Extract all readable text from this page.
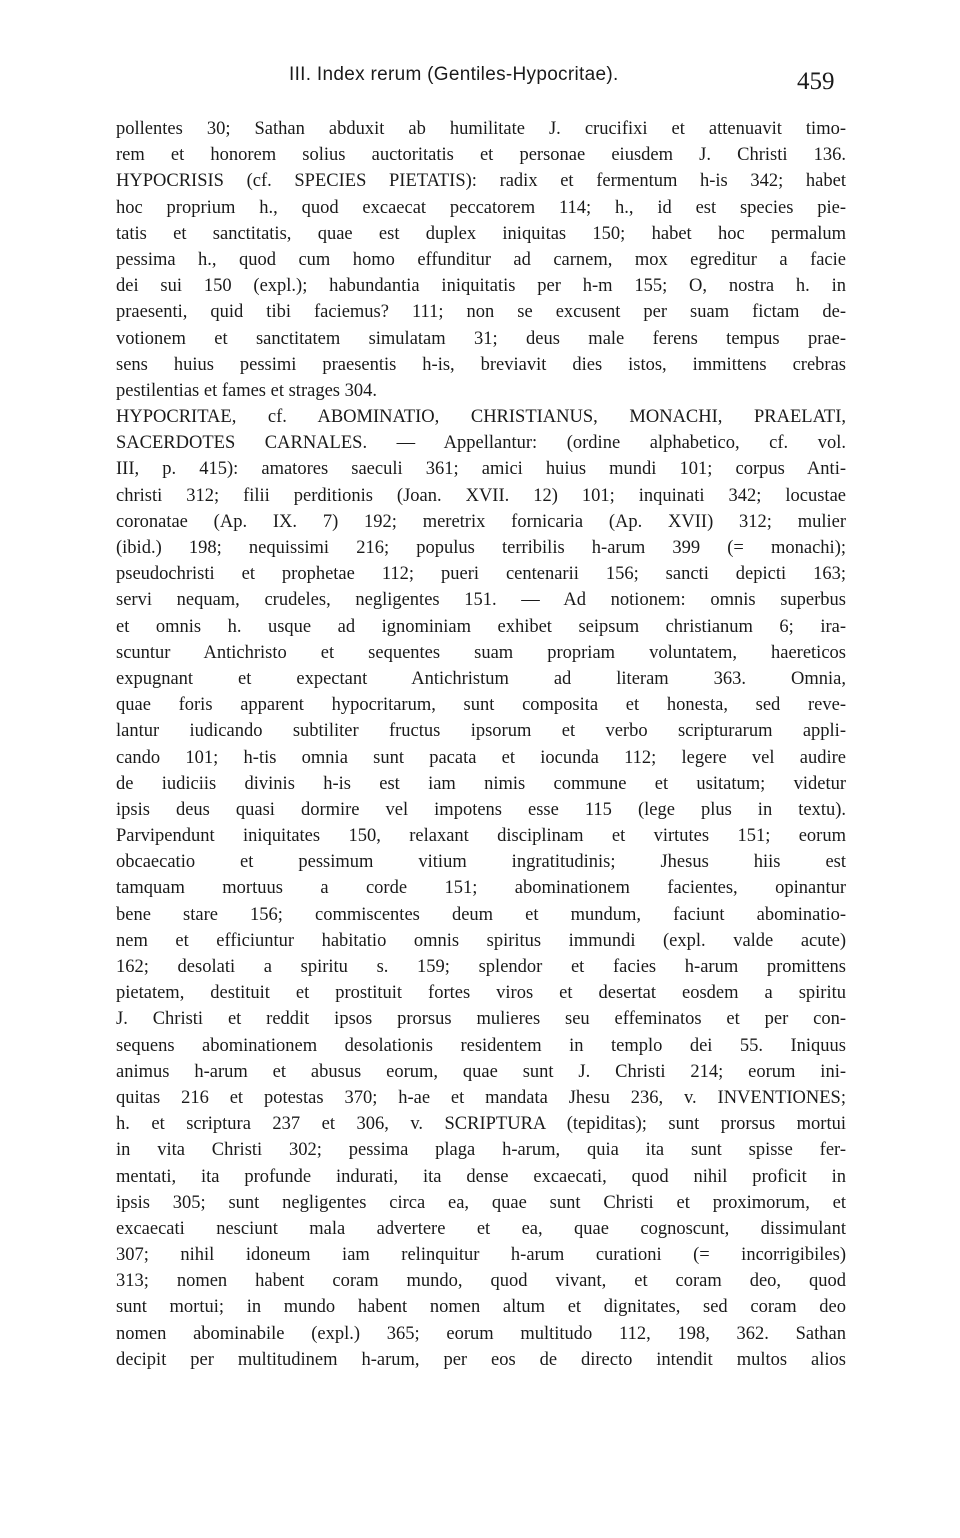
III. Index rerum (Gentiles-Hypocritae).	459
pollentes 30; Sathan abduxit ab humilitate J. crucifixi et attenuavit timo-
rem et honorem solius auctoritatis et personae eiusdem J. Christi 136.
HYPOCRISIS (cf. SPECIES PIETATIS): radix et fermentum h-is 342; habet
hoc proprium h., quod excaecat peccatorem 114; h., id est species pie-
tatis et sanctitatis, quae est duplex iniquitas 150; habet hoc permalum
pessima h., quod cum homo effunditur ad carnem, mox egreditur a facie
dei sui 150 (expl.); habundantia iniquitatis per h-m 155; O, nostra h. in
praesenti, quid tibi faciemus? 111; non se excusent per suam fictam de-
votionem et sanctitatem simulatam 31; deus male ferens tempus prae-
sens huius pessimi praesentis h-is, breviavit dies istos, immittens crebras
pestilentias et fames et strages 304.
HYPOCRITAE, cf. ABOMINATIO, CHRISTIANUS, MONACHI, PRAELATI,
SACERDOTES CARNALES. — Appellantur: (ordine alphabetico, cf. vol.
III, p. 415): amatores saeculi 361; amici huius mundi 101; corpus Anti-
christi 312; filii perditionis (Joan. XVII. 12) 101; inquinati 342; locustae
coronatae (Ap. IX. 7) 192; meretrix fornicaria (Ap. XVII) 312; mulier
(ibid.) 198; nequissimi 216; populus terribilis h-arum 399 (= monachi);
pseudochristi et prophetae 112; pueri centenarii 156; sancti depicti 163;
servi nequam, crudeles, negligentes 151. — Ad notionem: omnis superbus
et omnis h. usque ad ignominiam exhibet seipsum christianum 6; ira-
scuntur Antichristo et sequentes suam propriam voluntatem, haereticos
expugnant et expectant Antichristum ad literam 363. Omnia,
quae foris apparent hypocritarum, sunt composita et honesta, sed reve-
lantur iudicando subtiliter fructus ipsorum et verbo scripturarum appli-
cando 101; h-tis omnia sunt pacata et iocunda 112; legere vel audire
de iudiciis divinis h-is est iam nimis commune et usitatum; videtur
ipsis deus quasi dormire vel impotens esse 115 (lege plus in textu).
Parvipendunt iniquitates 150, relaxant disciplinam et virtutes 151; eorum
obcaecatio et pessimum vitium ingratitudinis; Jhesus hiis est
tamquam mortuus a corde 151; abominationem facientes, opinantur
bene stare 156; commiscentes deum et mundum, faciunt abominatio-
nem et efficiuntur habitatio omnis spiritus immundi (expl. valde acute)
162; desolati a spiritu s. 159; splendor et facies h-arum promittens
pietatem, destituit et prostituit fortes viros et desertat eosdem a spiritu
J. Christi et reddit ipsos prorsus mulieres seu effeminatos et per con-
sequens abominationem desolationis residentem in templo dei 55. Iniquus
animus h-arum et abusus eorum, quae sunt J. Christi 214; eorum ini-
quitas 216 et potestas 370; h-ae et mandata Jhesu 236, v. INVENTIONES;
h. et scriptura 237 et 306, v. SCRIPTURA (tepiditas); sunt prorsus mortui
in vita Christi 302; pessima plaga h-arum, quia ita sunt spisse fer-
mentati, ita profunde indurati, ita dense excaecati, quod nihil proficit in
ipsis 305; sunt negligentes circa ea, quae sunt Christi et proximorum, et
excaecati nesciunt mala advertere et ea, quae cognoscunt, dissimulant
307; nihil idoneum iam relinquitur h-arum curationi (= incorrigibiles)
313; nomen habent coram mundo, quod vivant, et coram deo, quod
sunt mortui; in mundo habent nomen altum et dignitates, sed coram deo
nomen abominabile (expl.) 365; eorum multitudo 112, 198, 362. Sathan
decipit per multitudinem h-arum, per eos de directo intendit multos alios
